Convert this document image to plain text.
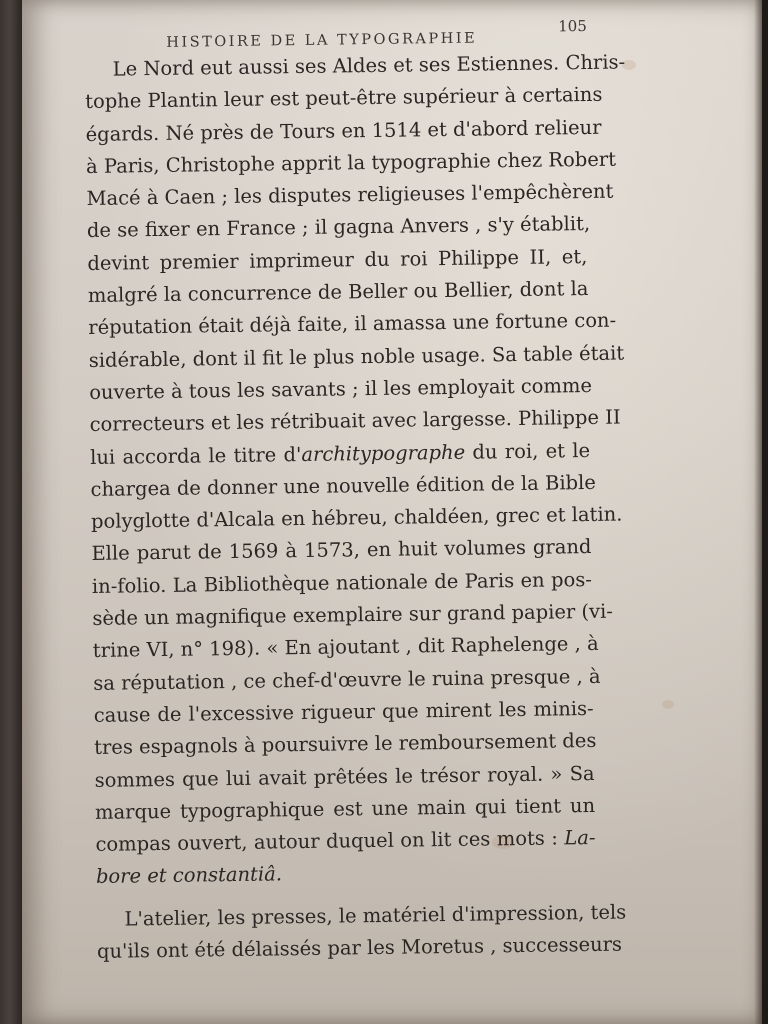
HISTOIRE DE LA TYPOGRAPHIE
105
Le Nord eut aussi ses Aldes et ses Estiennes. Chris-
tophe Plantin leur est peut-être supérieur à certains
égards. Né près de Tours en 1514 et d'abord relieur
à Paris, Christophe apprit la typographie chez Robert
Macé à Caen ; les disputes religieuses l'empêchèrent
de se fixer en France ; il gagna Anvers , s'y établit,
devint premier imprimeur du roi Philippe II, et,
malgré la concurrence de Beller ou Bellier, dont la
réputation était déjà faite, il amassa une fortune con-
sidérable, dont il fit le plus noble usage. Sa table était
ouverte à tous les savants ; il les employait comme
correcteurs et les rétribuait avec largesse. Philippe II
lui accorda le titre d'architypographe du roi, et le
chargea de donner une nouvelle édition de la Bible
polyglotte d'Alcala en hébreu, chaldéen, grec et latin.
Elle parut de 1569 à 1573, en huit volumes grand
in-folio. La Bibliothèque nationale de Paris en pos-
sède un magnifique exemplaire sur grand papier (vi-
trine VI, n° 198). « En ajoutant , dit Raphelenge , à
sa réputation , ce chef-d'œuvre le ruina presque , à
cause de l'excessive rigueur que mirent les minis-
tres espagnols à poursuivre le remboursement des
sommes que lui avait prêtées le trésor royal. » Sa
marque typographique est une main qui tient un
compas ouvert, autour duquel on lit ces mots : La-
bore et constantiâ.
L'atelier, les presses, le matériel d'impression, tels
qu'ils ont été délaissés par les Moretus , successeurs
